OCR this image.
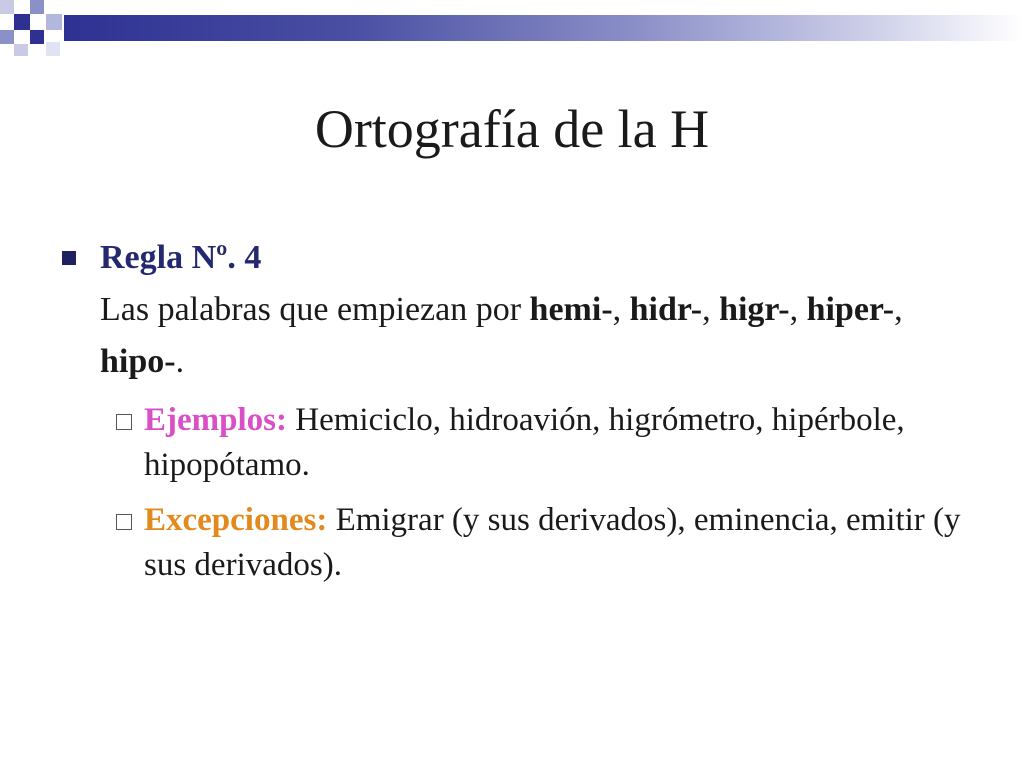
Ortografía de la H
Regla Nº. 4
Las palabras que empiezan por hemi-, hidr-, higr-, hiper-, hipo-.
Ejemplos: Hemiciclo, hidroavión, higrómetro, hipérbole, hipopótamo.
Excepciones: Emigrar (y sus derivados), eminencia, emitir (y sus derivados).
